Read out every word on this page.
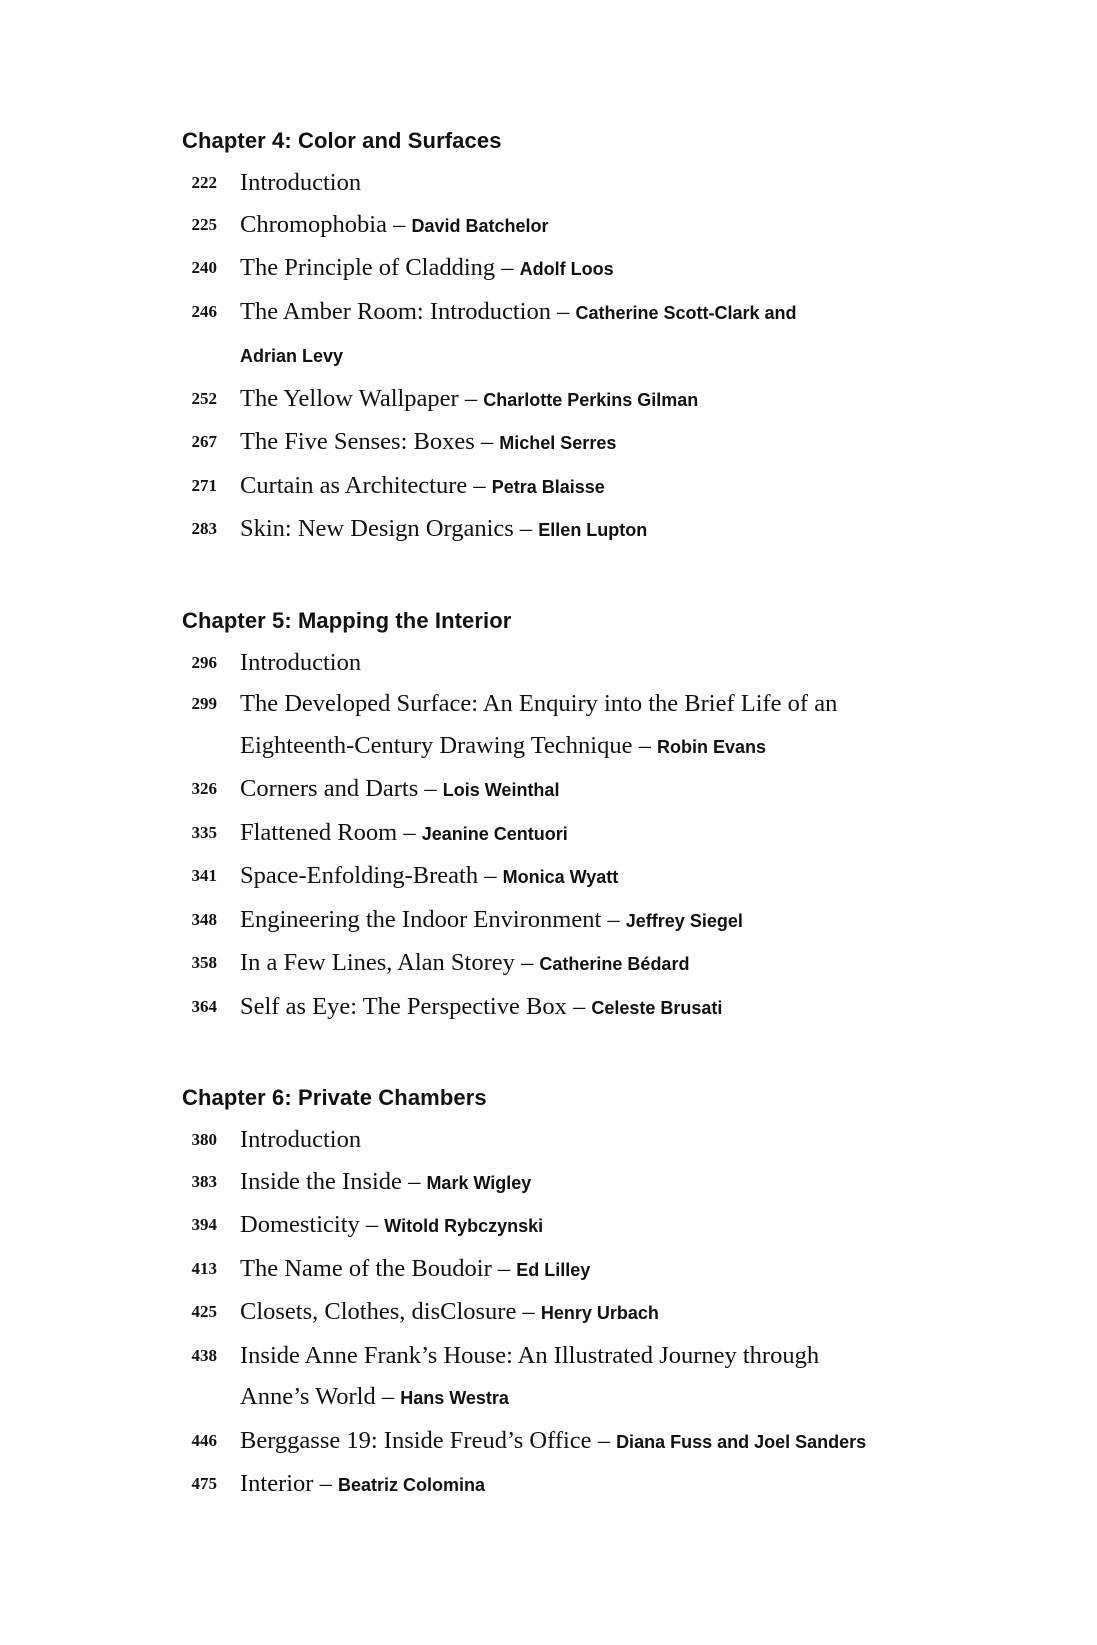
Chapter 4: Color and Surfaces
222 Introduction
225 Chromophobia – David Batchelor
240 The Principle of Cladding – Adolf Loos
246 The Amber Room: Introduction – Catherine Scott-Clark and Adrian Levy
252 The Yellow Wallpaper – Charlotte Perkins Gilman
267 The Five Senses: Boxes – Michel Serres
271 Curtain as Architecture – Petra Blaisse
283 Skin: New Design Organics – Ellen Lupton
Chapter 5: Mapping the Interior
296 Introduction
299 The Developed Surface: An Enquiry into the Brief Life of an Eighteenth-Century Drawing Technique – Robin Evans
326 Corners and Darts – Lois Weinthal
335 Flattened Room – Jeanine Centuori
341 Space-Enfolding-Breath – Monica Wyatt
348 Engineering the Indoor Environment – Jeffrey Siegel
358 In a Few Lines, Alan Storey – Catherine Bédard
364 Self as Eye: The Perspective Box – Celeste Brusati
Chapter 6: Private Chambers
380 Introduction
383 Inside the Inside – Mark Wigley
394 Domesticity – Witold Rybczynski
413 The Name of the Boudoir – Ed Lilley
425 Closets, Clothes, disClosure – Henry Urbach
438 Inside Anne Frank’s House: An Illustrated Journey through Anne’s World – Hans Westra
446 Berggasse 19: Inside Freud’s Office – Diana Fuss and Joel Sanders
475 Interior – Beatriz Colomina
